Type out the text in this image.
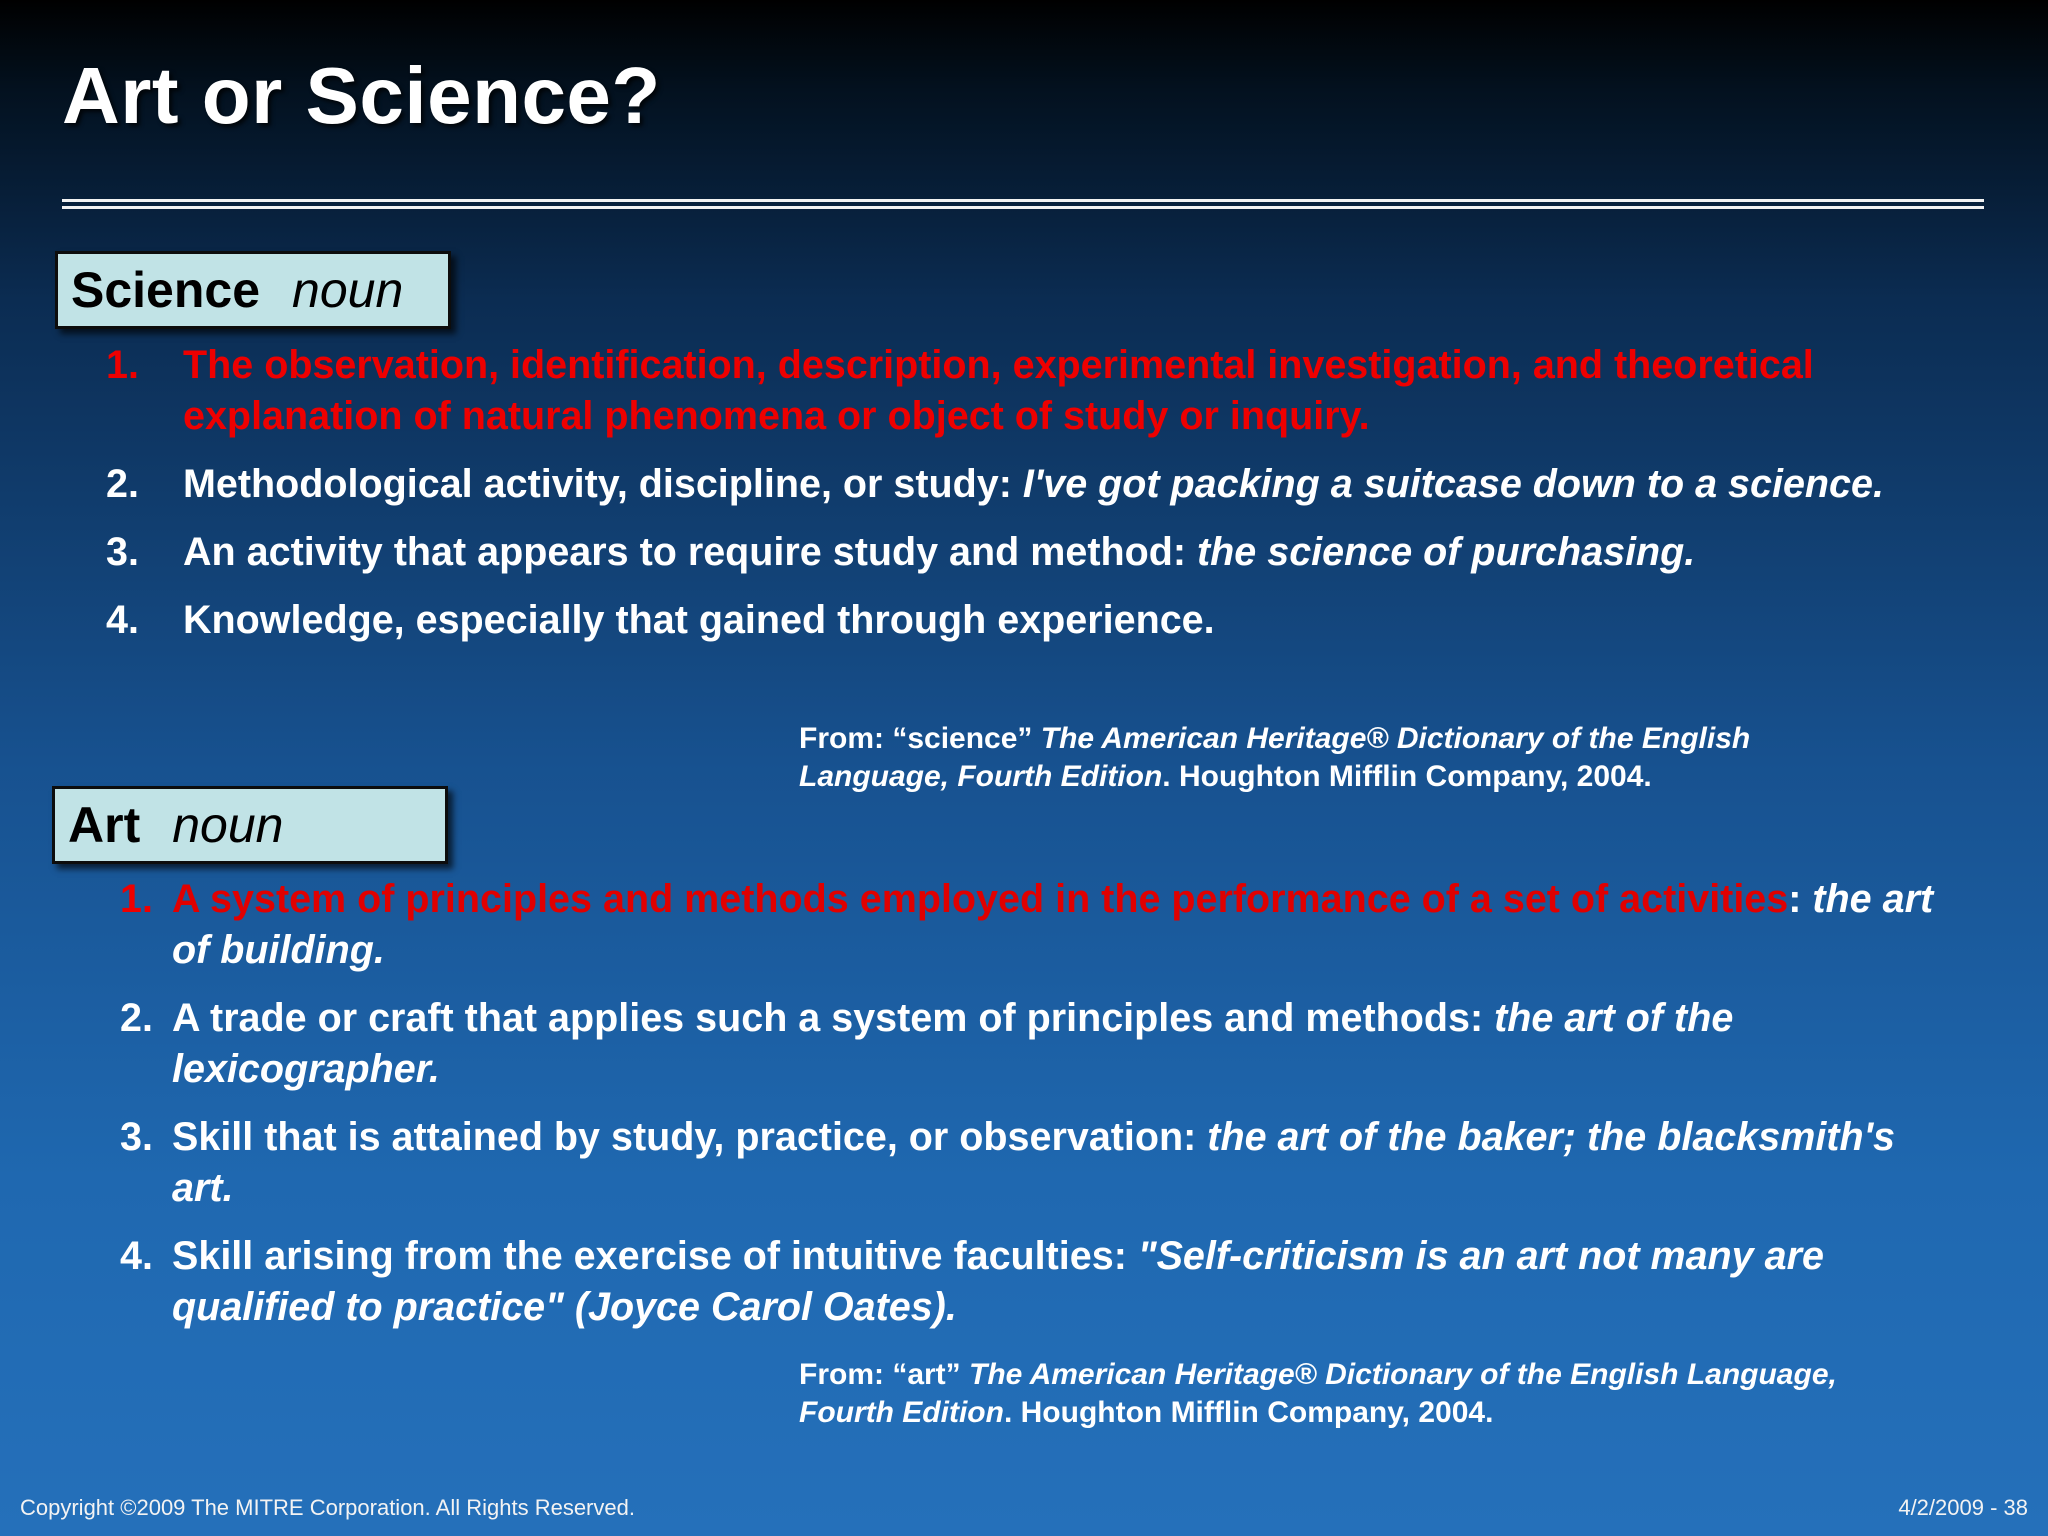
Art or Science?
Science noun
1. The observation, identification, description, experimental investigation, and theoretical explanation of natural phenomena or object of study or inquiry.
2. Methodological activity, discipline, or study: I've got packing a suitcase down to a science.
3. An activity that appears to require study and method: the science of purchasing.
4. Knowledge, especially that gained through experience.

From: “science” The American Heritage® Dictionary of the English Language, Fourth Edition. Houghton Mifflin Company, 2004.

Art noun
1. A system of principles and methods employed in the performance of a set of activities: the art of building.
2. A trade or craft that applies such a system of principles and methods: the art of the lexicographer.
3. Skill that is attained by study, practice, or observation: the art of the baker; the blacksmith's art.
4. Skill arising from the exercise of intuitive faculties: "Self-criticism is an art not many are qualified to practice" (Joyce Carol Oates).

From: “art” The American Heritage® Dictionary of the English Language, Fourth Edition. Houghton Mifflin Company, 2004.

Copyright ©2009 The MITRE Corporation. All Rights Reserved.	4/2/2009 - 38
